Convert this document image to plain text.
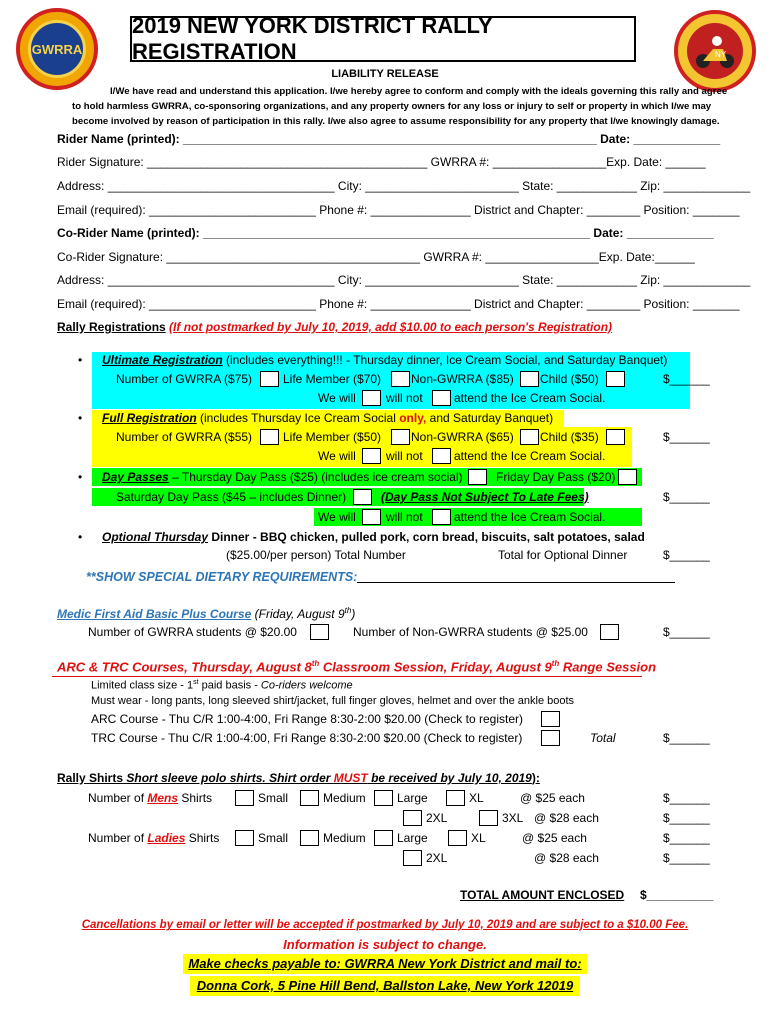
GWRRA
2019 NEW YORK DISTRICT RALLY REGISTRATION	NY
LIABILITY RELEASE
I/We have read and understand this application. I/we hereby agree to conform and comply with the ideals governing this rally and agree to hold harmless GWRRA, co-sponsoring organizations, and any property owners for any loss or injury to self or property in which I/we may become involved by reason of participation in this rally. I/we also agree to assume responsibility for any property that I/we knowingly damage.
Rider Name (printed): ______________________________________________________________ Date: _____________
Rider Signature: __________________________________________ GWRRA #: _________________Exp. Date: ______
Address: __________________________________ City: _______________________ State: ____________ Zip: _____________
Email (required): _________________________ Phone #: _______________ District and Chapter: ________ Position: _______
Co-Rider Name (printed): __________________________________________________________ Date: _____________
Co-Rider Signature: ______________________________________ GWRRA #: _________________Exp. Date:______
Address: __________________________________ City: _______________________ State: ____________ Zip: _____________
Email (required): _________________________ Phone #: _______________ District and Chapter: ________ Position: _______
Rally Registrations (If not postmarked by July 10, 2019, add $10.00 to each person's Registration)
• Ultimate Registration (includes everything!!! - Thursday dinner, Ice Cream Social, and Saturday Banquet)
Number of GWRRA ($75)	Life Member ($70) Non-GWRRA ($85) Child ($50)	$______
We will	will not	attend the Ice Cream Social.
• Full Registration (includes Thursday Ice Cream Social only, and Saturday Banquet)
Number of GWRRA ($55)	Life Member ($50) Non-GWRRA ($65) Child ($35)	$______
We will	will not	attend the Ice Cream Social.
• Day Passes – Thursday Day Pass ($25) (includes ice cream social)	Friday Day Pass ($20)
Saturday Day Pass ($45 – includes Dinner)	(Day Pass Not Subject To Late Fees)	$______
We will	will not	attend the Ice Cream Social.
• Optional Thursday Dinner - BBQ chicken, pulled pork, corn bread, biscuits, salt potatoes, salad
($25.00/per person) Total Number	Total for Optional Dinner	$______
**SHOW SPECIAL DIETARY REQUIREMENTS:
Medic First Aid Basic Plus Course (Friday, August 9th)
Number of GWRRA students @ $20.00	Number of Non-GWRRA students @ $25.00	$______
ARC & TRC Courses, Thursday, August 8th Classroom Session, Friday, August 9th Range Session
Limited class size - 1st paid basis - Co-riders welcome
Must wear - long pants, long sleeved shirt/jacket, full finger gloves, helmet and over the ankle boots
ARC Course - Thu C/R 1:00-4:00, Fri Range 8:30-2:00 $20.00 (Check to register)
TRC Course - Thu C/R 1:00-4:00, Fri Range 8:30-2:00 $20.00 (Check to register)	Total	$______
Rally Shirts Short sleeve polo shirts. Shirt order MUST be received by July 10, 2019):
Number of Mens Shirts	Small	Medium	Large	XL	@ $25 each	$______
2XL	3XL @ $28 each	$______
Number of Ladies Shirts	Small	Medium	Large	XL	@ $25 each	$______
2XL	@ $28 each	$______
TOTAL AMOUNT ENCLOSED $__________
Cancellations by email or letter will be accepted if postmarked by July 10, 2019 and are subject to a $10.00 Fee.
Information is subject to change.
Make checks payable to: GWRRA New York District and mail to:
Donna Cork, 5 Pine Hill Bend, Ballston Lake, New York 12019
